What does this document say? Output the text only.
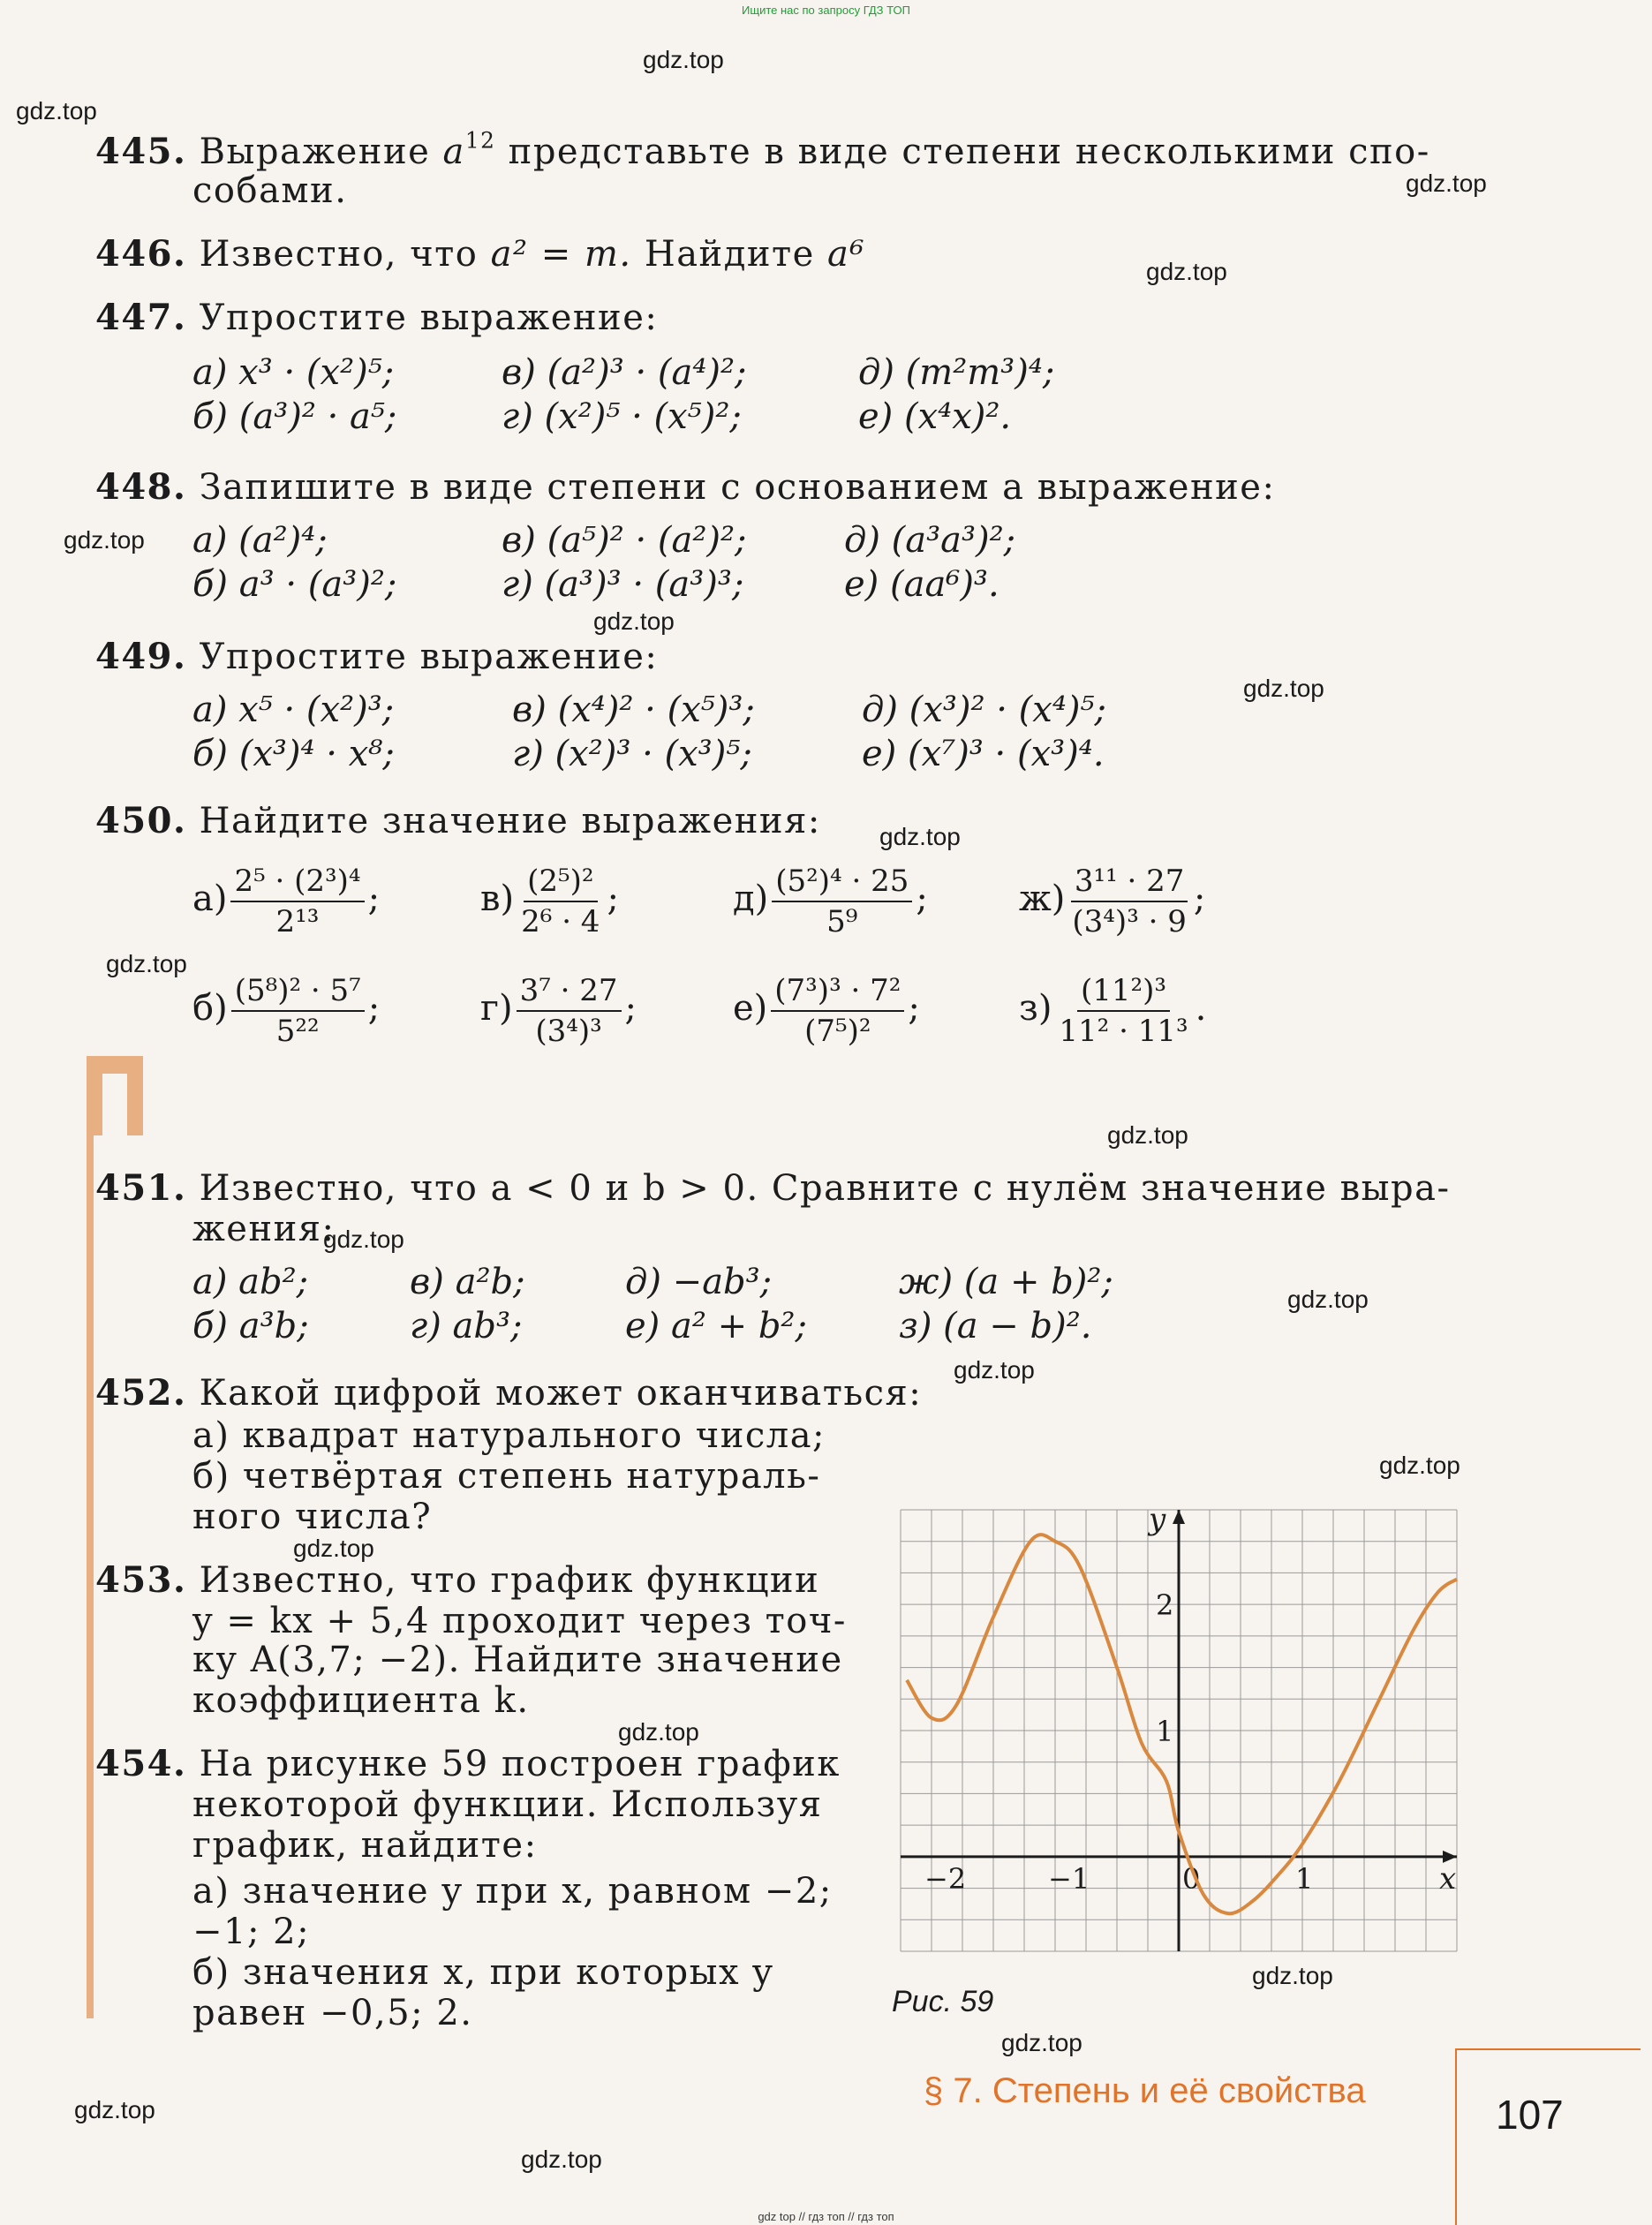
Ищите нас по запросу ГДЗ ТОП
gdz.top
gdz.top
gdz.top
gdz.top
gdz.top
gdz.top
gdz.top
gdz.top
gdz.top
gdz.top
gdz.top
gdz.top
gdz.top
gdz.top
gdz.top
gdz.top
gdz.top
gdz.top
gdz.top
gdz.top
445. Выражение $a^{12}$ представьте в виде степени несколькими спо-
собами.
446. Известно, что a² = m. Найдите a⁶
447. Упростите выражение:
а) x³ · (x²)⁵;	в) (a²)³ · (a⁴)²;	д) (m²m³)⁴;
б) (a³)² · a⁵;	г) (x²)⁵ · (x⁵)²;	е) (x⁴x)².
448. Запишите в виде степени с основанием a выражение:
а) (a²)⁴;	в) (a⁵)² · (a²)²;	д) (a³a³)²;
б) a³ · (a³)²;	г) (a³)³ · (a³)³;	е) (aa⁶)³.
449. Упростите выражение:
а) x⁵ · (x²)³;	в) (x⁴)² · (x⁵)³;	д) (x³)² · (x⁴)⁵;
б) (x³)⁴ · x⁸;	г) (x²)³ · (x³)⁵;	е) (x⁷)³ · (x³)⁴.
450. Найдите значение выражения:
$а) \frac{\text{2⁵ · (2³)⁴}}{\text{2¹³}}$ ;	$в) \frac{\text{(2⁵)²}}{\text{2⁶ · 4}}$ ;	$д) \frac{\text{(5²)⁴ · 25}}{\text{5⁹}}$ ;	$ж) \frac{\text{3¹¹ · 27}}{\text{(3⁴)³ · 9}}$ ;
$б) \frac{\text{(5⁸)² · 5⁷}}{\text{5²²}}$ ;	$г) \frac{\text{3⁷ · 27}}{\text{(3⁴)³}}$ ;	$е) \frac{\text{(7³)³ · 7²}}{\text{(7⁵)²}}$ ;	$з) \frac{\text{(11²)³}}{\text{11² · 11³}}$ .
451. Известно, что a < 0 и b > 0. Сравните с нулём значение выра-
жения:
а) ab²;	в) a²b;	д) −ab³;	ж) (a + b)²;
б) a³b;	г) ab³;	е) a² + b²;	з) (a − b)².
452. Какой цифрой может оканчиваться:
а) квадрат натурального числа;
б) четвёртая степень натураль-
ного числа?
453. Известно, что график функции
y = kx + 5,4 проходит через точ-
ку A(3,7; −2). Найдите значение
коэффициента k.
454. На рисунке 59 построен график
некоторой функции. Используя
график, найдите:
а) значение y при x, равном −2;
−1; 2;
б) значения x, при которых y
равен −0,5; 2.
−2	−1	0	1
1
2
x
y
Рис. 59
§ 7. Степень и её свойства
107
gdz top // гдз топ // гдз топ
